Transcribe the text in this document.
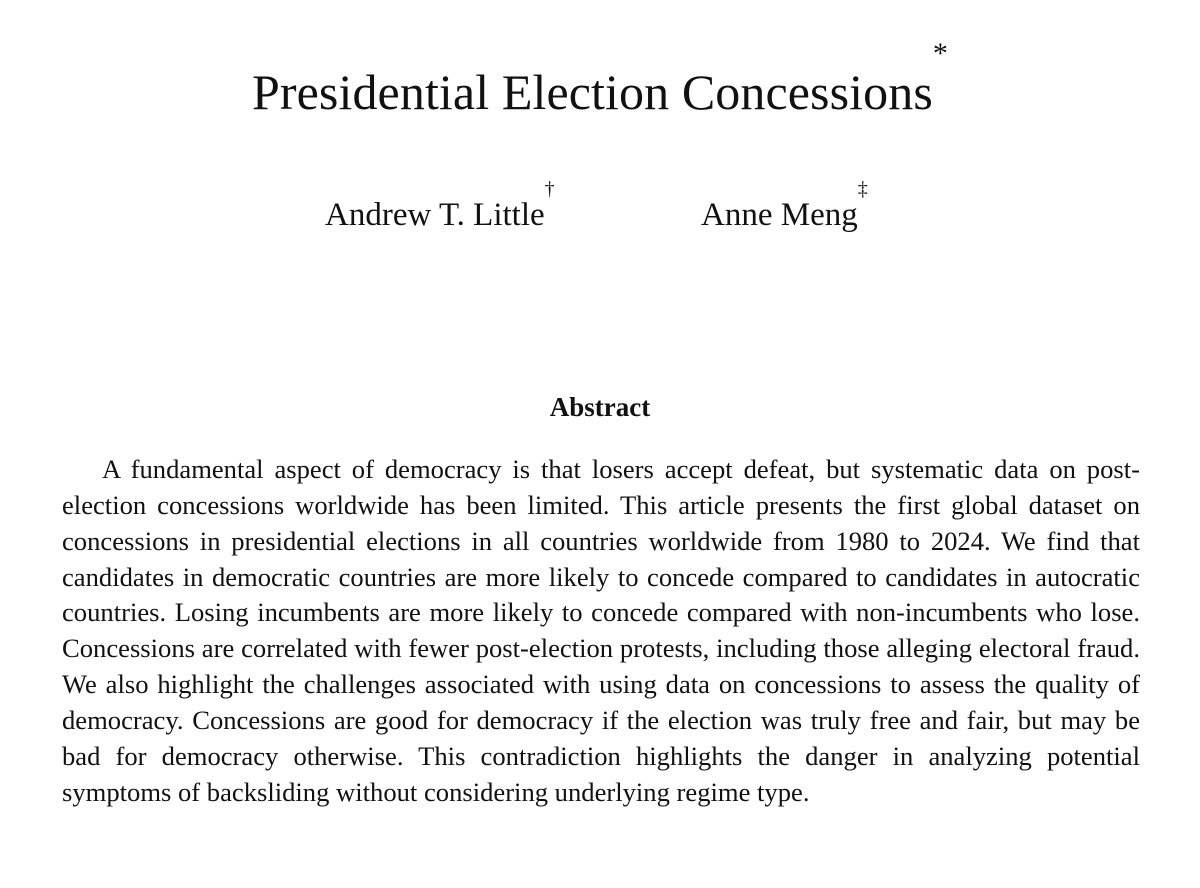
Presidential Election Concessions*
Andrew T. Little†
Anne Meng‡
Abstract

A fundamental aspect of democracy is that losers accept defeat, but systematic data on post-election concessions worldwide has been limited. This article presents the first global dataset on concessions in presidential elections in all countries worldwide from 1980 to 2024. We find that candidates in democratic countries are more likely to concede compared to candidates in autocratic countries. Losing incumbents are more likely to concede compared with non-incumbents who lose. Concessions are correlated with fewer post-election protests, including those alleging electoral fraud. We also highlight the challenges associated with using data on concessions to assess the quality of democracy. Concessions are good for democracy if the election was truly free and fair, but may be bad for democracy otherwise. This contradiction highlights the danger in analyzing potential symptoms of backsliding without considering underlying regime type.
